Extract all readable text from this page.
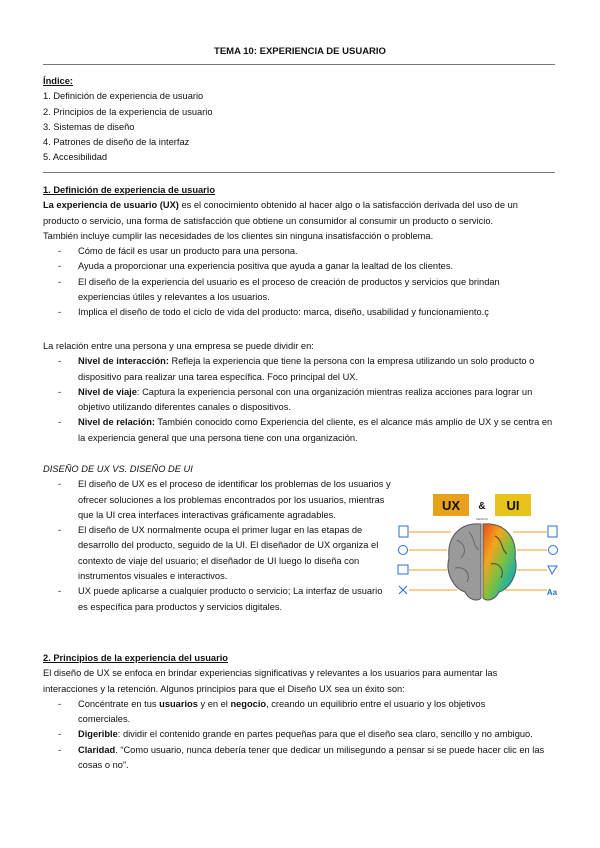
TEMA 10: EXPERIENCIA DE USUARIO
Índice:
1. Definición de experiencia de usuario
2. Principios de la experiencia de usuario
3. Sistemas de diseño
4. Patrones de diseño de la interfaz
5. Accesibilidad
1. Definición de experiencia de usuario
La experiencia de usuario (UX) es el conocimiento obtenido al hacer algo o la satisfacción derivada del uso de un
producto o servicio, una forma de satisfacción que obtiene un consumidor al consumir un producto o servicio.
También incluye cumplir las necesidades de los clientes sin ninguna insatisfacción o problema.
- Cómo de fácil es usar un producto para una persona.
- Ayuda a proporcionar una experiencia positiva que ayuda a ganar la lealtad de los clientes.
- El diseño de la experiencia del usuario es el proceso de creación de productos y servicios que brindan experiencias útiles y relevantes a los usuarios.
- Implica el diseño de todo el ciclo de vida del producto: marca, diseño, usabilidad y funcionamiento.ç
La relación entre una persona y una empresa se puede dividir en:
- Nivel de interacción: Refleja la experiencia que tiene la persona con la empresa utilizando un solo producto o dispositivo para realizar una tarea específica. Foco principal del UX.
- Nivel de viaje: Captura la experiencia personal con una organización mientras realiza acciones para lograr un objetivo utilizando diferentes canales o dispositivos.
- Nivel de relación: También conocido como Experiencia del cliente, es el alcance más amplio de UX y se centra en la experiencia general que una persona tiene con una organización.
DISEÑO DE UX VS. DISEÑO DE UI
- El diseño de UX es el proceso de identificar los problemas de los usuarios y ofrecer soluciones a los problemas encontrados por los usuarios, mientras que la UI crea interfaces interactivas gráficamente agradables.
- El diseño de UX normalmente ocupa el primer lugar en las etapas de desarrollo del producto, seguido de la UI. El diseñador de UX organiza el contexto de viaje del usuario; el diseñador de UI luego lo diseña con instrumentos visuales e interactivos.
- UX puede aplicarse a cualquier producto o servicio; La interfaz de usuario es específica para productos y servicios digitales.
UX & UI
DESIGN
Aa
2. Principios de la experiencia del usuario
El diseño de UX se enfoca en brindar experiencias significativas y relevantes a los usuarios para aumentar las
interacciones y la retención. Algunos principios para que el Diseño UX sea un éxito son:
- Concéntrate en tus usuarios y en el negocio, creando un equilibrio entre el usuario y los objetivos comerciales.
- Digerible: dividir el contenido grande en partes pequeñas para que el diseño sea claro, sencillo y no ambiguo.
- Claridad. “Como usuario, nunca debería tener que dedicar un milisegundo a pensar si se puede hacer clic en las cosas o no”.
